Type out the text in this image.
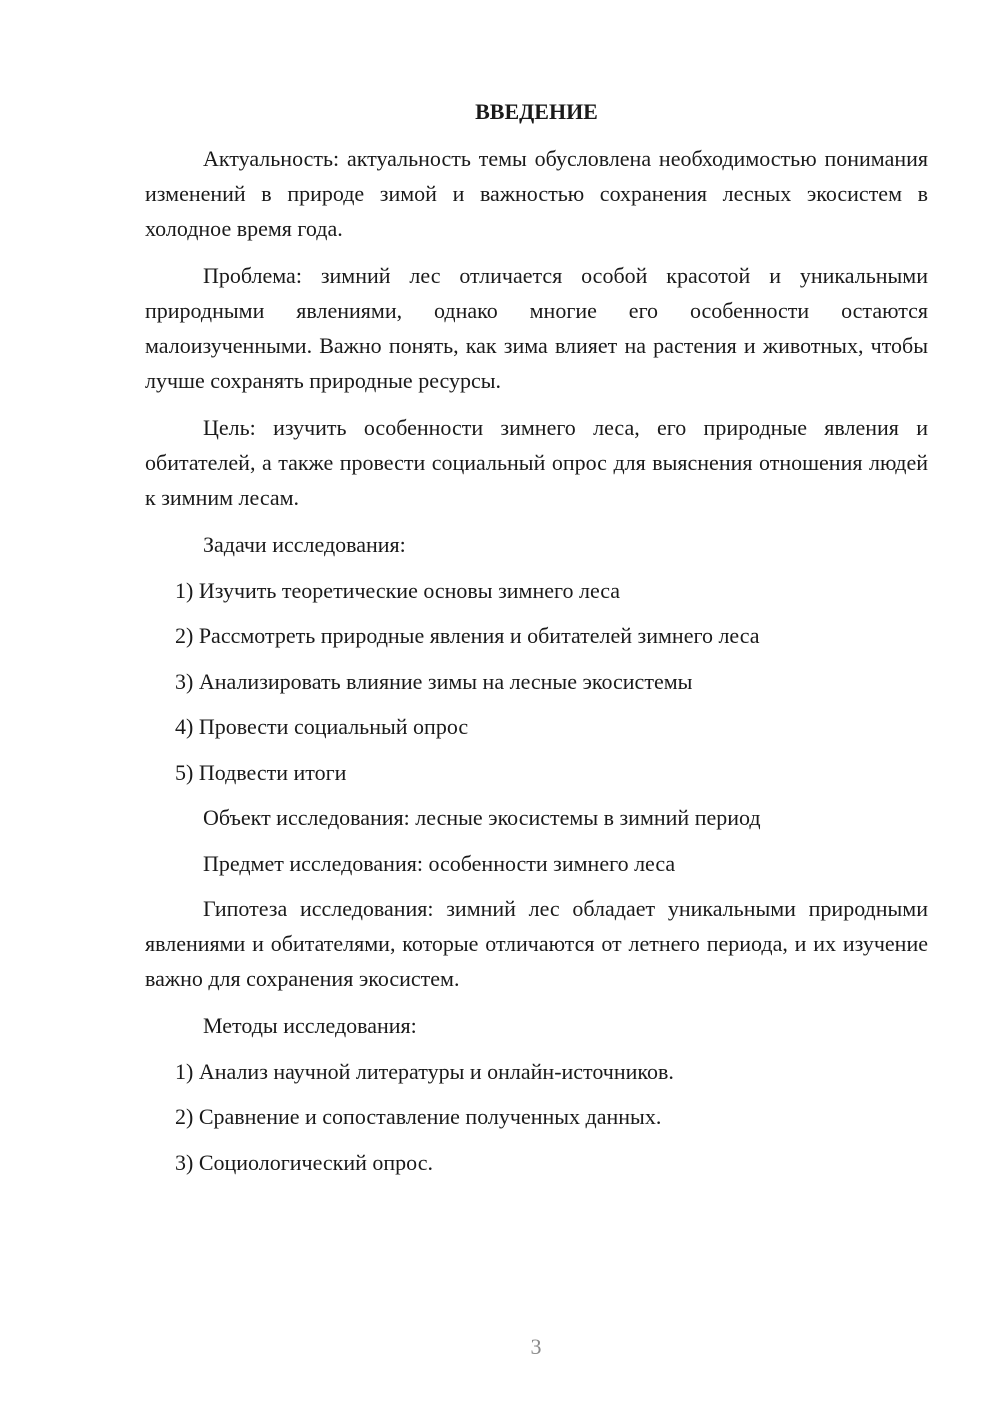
ВВЕДЕНИЕ
Актуальность: актуальность темы обусловлена необходимостью понимания изменений в природе зимой и важностью сохранения лесных экосистем в холодное время года.
Проблема: зимний лес отличается особой красотой и уникальными природными явлениями, однако многие его особенности остаются малоизученными. Важно понять, как зима влияет на растения и животных, чтобы лучше сохранять природные ресурсы.
Цель: изучить особенности зимнего леса, его природные явления и обитателей, а также провести социальный опрос для выяснения отношения людей к зимним лесам.
Задачи исследования:
1) Изучить теоретические основы зимнего леса
2) Рассмотреть природные явления и обитателей зимнего леса
3) Анализировать влияние зимы на лесные экосистемы
4) Провести социальный опрос
5) Подвести итоги
Объект исследования: лесные экосистемы в зимний период
Предмет исследования: особенности зимнего леса
Гипотеза исследования: зимний лес обладает уникальными природными явлениями и обитателями, которые отличаются от летнего периода, и их изучение важно для сохранения экосистем.
Методы исследования:
1) Анализ научной литературы и онлайн-источников.
2) Сравнение и сопоставление полученных данных.
3) Социологический опрос.
3
